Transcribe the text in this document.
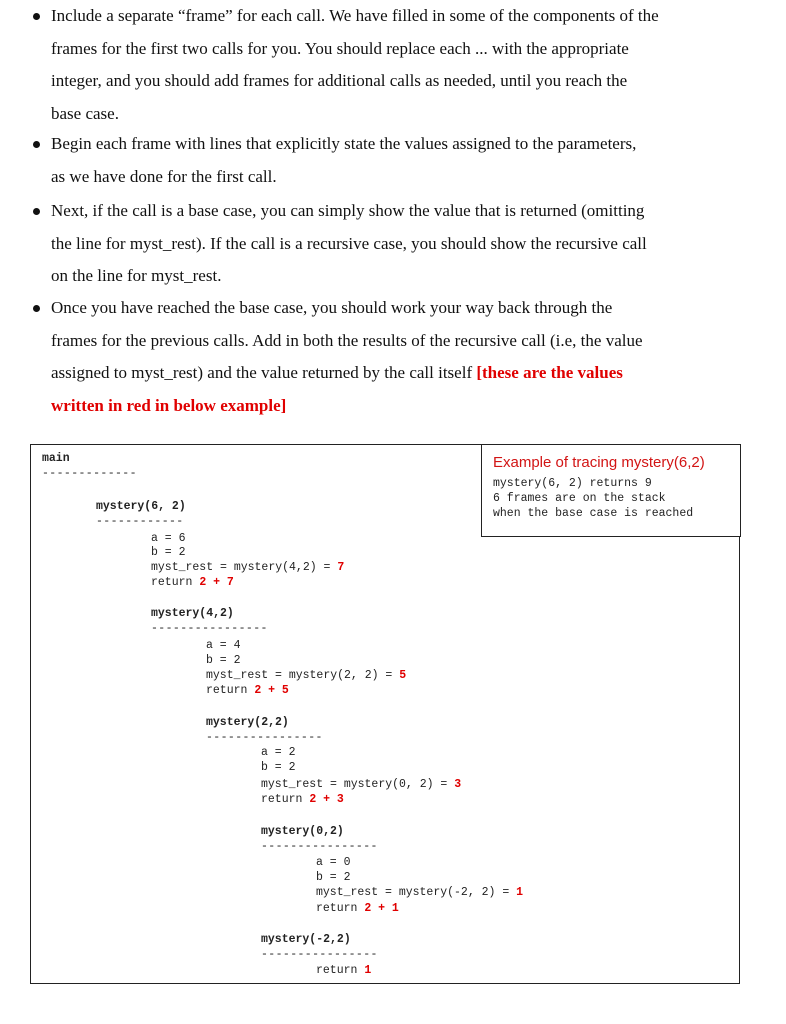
Include a separate “frame” for each call. We have filled in some of the components of the
frames for the first two calls for you. You should replace each ... with the appropriate
integer, and you should add frames for additional calls as needed, until you reach the
base case.
Begin each frame with lines that explicitly state the values assigned to the parameters,
as we have done for the first call.
Next, if the call is a base case, you can simply show the value that is returned (omitting
the line for myst_rest). If the call is a recursive case, you should show the recursive call
on the line for myst_rest.
Once you have reached the base case, you should work your way back through the
frames for the previous calls. Add in both the results of the recursive call (i.e, the value
assigned to myst_rest) and the value returned by the call itself [these are the values
written in red in below example]
main
-------------
mystery(6, 2)
------------
a = 6
b = 2
myst_rest = mystery(4,2) = 7
return 2 + 7
mystery(4,2)
----------------
a = 4
b = 2
myst_rest = mystery(2, 2) = 5
return 2 + 5
mystery(2,2)
----------------
a = 2
b = 2
myst_rest = mystery(0, 2) = 3
return 2 + 3
mystery(0,2)
----------------
a = 0
b = 2
myst_rest = mystery(-2, 2) = 1
return 2 + 1
mystery(-2,2)
----------------
return 1
Example of tracing mystery(6,2)
mystery(6, 2) returns 9
6 frames are on the stack
when the base case is reached
